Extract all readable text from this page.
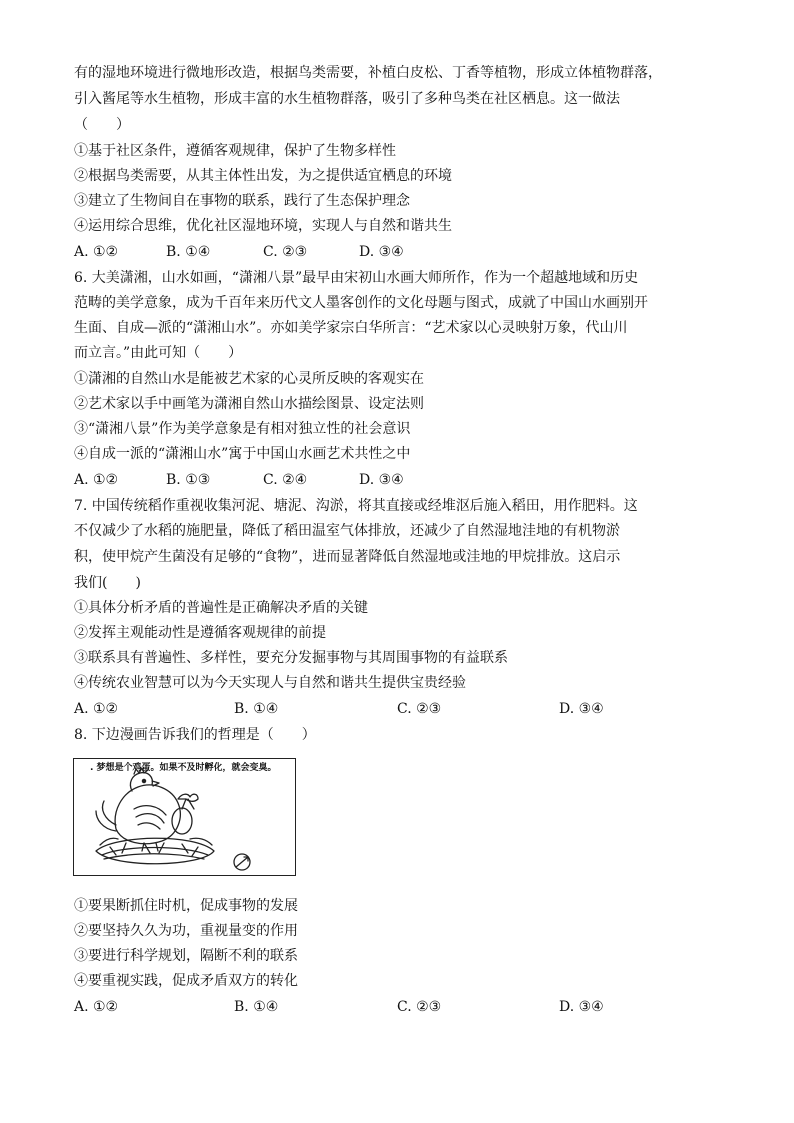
有的湿地环境进行微地形改造，根据鸟类需要，补植白皮松、丁香等植物，形成立体植物群落，

引入酱尾等水生植物，形成丰富的水生植物群落，吸引了多种鸟类在社区栖息。这一做法

（　　）

①基于社区条件，遵循客观规律，保护了生物多样性

②根据鸟类需要，从其主体性出发，为之提供适宜栖息的环境

③建立了生物间自在事物的联系，践行了生态保护理念

④运用综合思维，优化社区湿地环境，实现人与自然和谐共生

A. ①②	B. ①④	C. ②③	D. ③④

6. 大美潇湘，山水如画，“潇湘八景”最早由宋初山水画大师所作，作为一个超越地域和历史

范畴的美学意象，成为千百年来历代文人墨客创作的文化母题与图式，成就了中国山水画别开

生面、自成—派的“潇湘山水”。亦如美学家宗白华所言：“艺术家以心灵映射万象，代山川

而立言。”由此可知（　　）

①潇湘的自然山水是能被艺术家的心灵所反映的客观实在

②艺术家以手中画笔为潇湘自然山水描绘图景、设定法则

③“潇湘八景”作为美学意象是有相对独立性的社会意识

④自成一派的“潇湘山水”寓于中国山水画艺术共性之中

A. ①②	B. ①③	C. ②④	D. ③④

7. 中国传统稻作重视收集河泥、塘泥、沟淤，将其直接或经堆沤后施入稻田，用作肥料。这

不仅减少了水稻的施肥量，降低了稻田温室气体排放，还减少了自然湿地洼地的有机物淤

积，使甲烷产生菌没有足够的“食物”，进而显著降低自然湿地或洼地的甲烷排放。这启示

我们(　　)

①具体分析矛盾的普遍性是正确解决矛盾的关键

②发挥主观能动性是遵循客观规律的前提

③联系具有普遍性、多样性，要充分发掘事物与其周围事物的有益联系

④传统农业智慧可以为今天实现人与自然和谐共生提供宝贵经验

A. ①②	B. ①④	C. ②③	D. ③④

8. 下边漫画告诉我们的哲理是（　　）

. 梦想是个鸡蛋。如果不及时孵化，就会变臭。

①要果断抓住时机，促成事物的发展

②要坚持久久为功，重视量变的作用

③要进行科学规划，隔断不利的联系

④要重视实践，促成矛盾双方的转化

A. ①②	B. ①④	C. ②③	D. ③④
